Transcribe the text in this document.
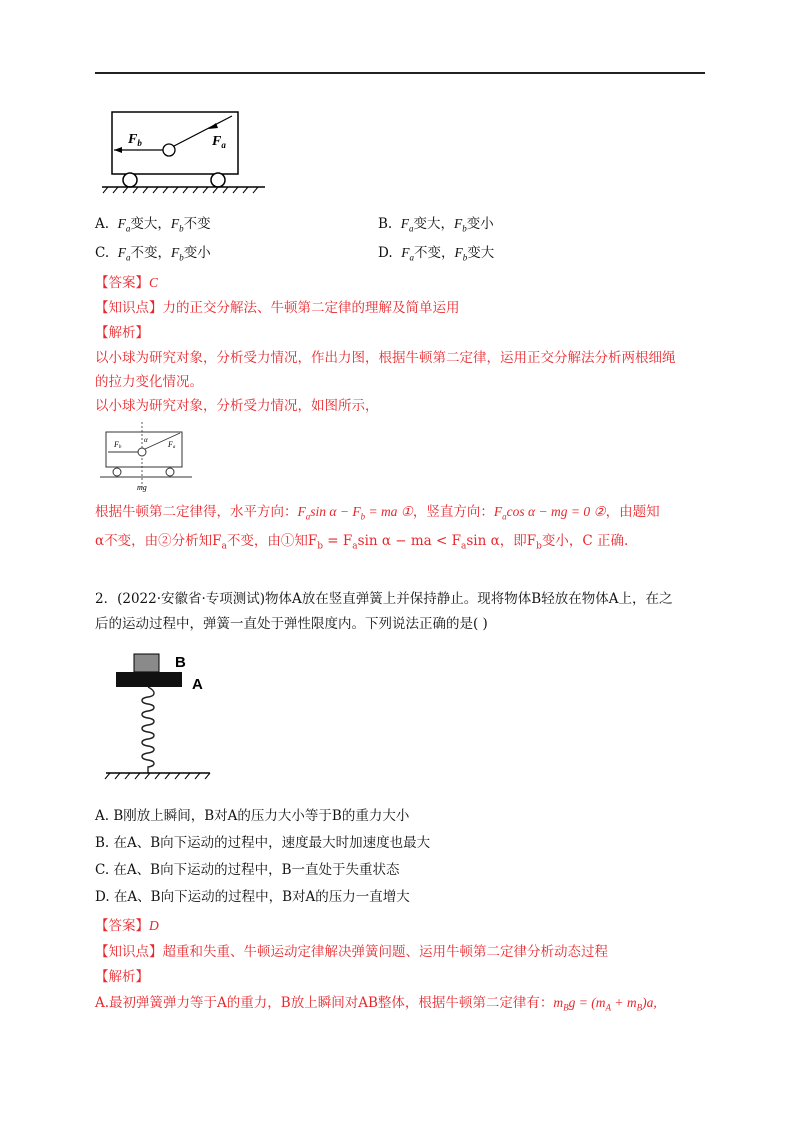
$F_b$	$F_a$
A.  $F_a$变大，$F_b$不变	B.  $F_a$变大，$F_b$变小
C.  $F_a$不变，$F_b$变小	D.  $F_a$不变，$F_b$变大
【答案】C
【知识点】力的正交分解法、牛顿第二定律的理解及简单运用
【解析】
以小球为研究对象，分析受力情况，作出力图，根据牛顿第二定律，运用正交分解法分析两根细绳
的拉力变化情况。
以小球为研究对象，分析受力情况，如图所示，
Fb	Fa
α
mg
根据牛顿第二定律得，水平方向：$F_a\sin$ $\alpha - F_b$ = ma ①，竖直方向：$F_a\cos$ α − mg = 0 ②，由题知
α不变，由②分析知$F_a$不变，由①知$F_b = F_a\sin$ α − ma < $F_a\sin$ α，即$F_b$变小，C 正确.
2．(2022·安徽省·专项测试)物体A放在竖直弹簧上并保持静止。现将物体B轻放在物体A上，在之
后的运动过程中，弹簧一直处于弹性限度内。下列说法正确的是( )
B
A
A. B刚放上瞬间，B对A的压力大小等于B的重力大小
B. 在A、B向下运动的过程中，速度最大时加速度也最大
C. 在A、B向下运动的过程中，B一直处于失重状态
D. 在A、B向下运动的过程中，B对A的压力一直增大
【答案】D
【知识点】超重和失重、牛顿运动定律解决弹簧问题、运用牛顿第二定律分析动态过程
【解析】
A.最初弹簧弹力等于A的重力，B放上瞬间对AB整体，根据牛顿第二定律有：$m_Bg = (m_A + m_B)a$,
